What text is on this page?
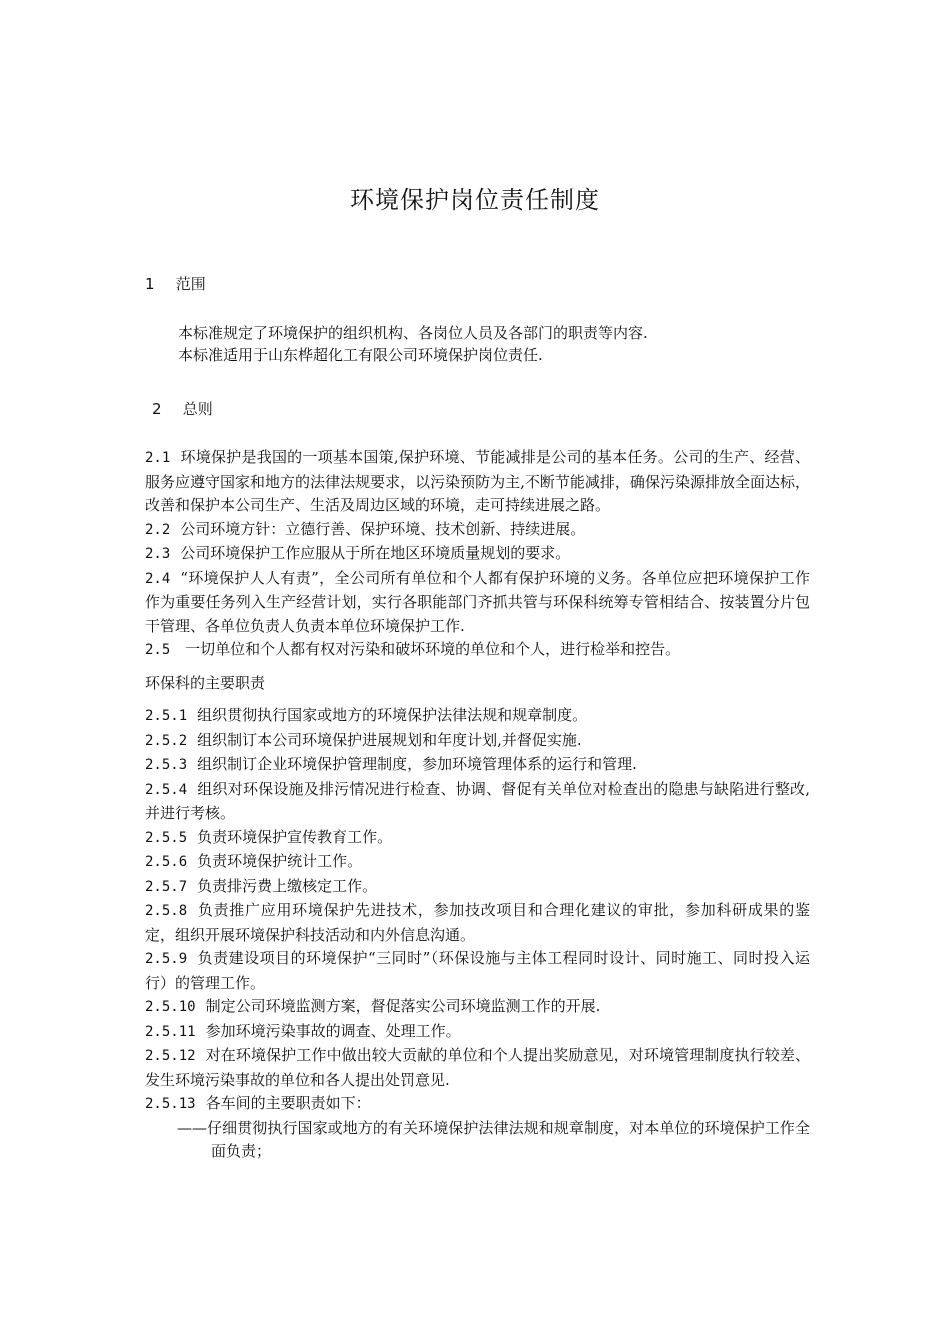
环境保护岗位责任制度
1 范围
本标准规定了环境保护的组织机构、各岗位人员及各部门的职责等内容.
本标准适用于山东桦超化工有限公司环境保护岗位责任.
2 总则

2.1 环境保护是我国的一项基本国策,保护环境、节能减排是公司的基本任务。公司的生产、经营、服务应遵守国家和地方的法律法规要求，以污染预防为主,不断节能减排，确保污染源排放全面达标，改善和保护本公司生产、生活及周边区域的环境，走可持续进展之路。

2.2 公司环境方针：立德行善、保护环境、技术创新、持续进展。

2.3 公司环境保护工作应服从于所在地区环境质量规划的要求。

2.4 “环境保护人人有责”，全公司所有单位和个人都有保护环境的义务。各单位应把环境保护工作作为重要任务列入生产经营计划，实行各职能部门齐抓共管与环保科统筹专管相结合、按装置分片包干管理、各单位负责人负责本单位环境保护工作.

2.5 一切单位和个人都有权对污染和破坏环境的单位和个人，进行检举和控告。

环保科的主要职责

2.5.1 组织贯彻执行国家或地方的环境保护法律法规和规章制度。

2.5.2 组织制订本公司环境保护进展规划和年度计划,并督促实施.

2.5.3 组织制订企业环境保护管理制度，参加环境管理体系的运行和管理.

2.5.4 组织对环保设施及排污情况进行检查、协调、督促有关单位对检查出的隐患与缺陷进行整改,并进行考核。

2.5.5 负责环境保护宣传教育工作。

2.5.6 负责环境保护统计工作。

2.5.7 负责排污费上缴核定工作。

2.5.8 负责推广应用环境保护先进技术，参加技改项目和合理化建议的审批，参加科研成果的鉴定，组织开展环境保护科技活动和内外信息沟通。

2.5.9 负责建设项目的环境保护“三同时”（环保设施与主体工程同时设计、同时施工、同时投入运行）的管理工作。

2.5.10 制定公司环境监测方案，督促落实公司环境监测工作的开展.

2.5.11 参加环境污染事故的调查、处理工作。

2.5.12 对在环境保护工作中做出较大贡献的单位和个人提出奖励意见，对环境管理制度执行较差、发生环境污染事故的单位和各人提出处罚意见.

2.5.13 各车间的主要职责如下：

——仔细贯彻执行国家或地方的有关环境保护法律法规和规章制度，对本单位的环境保护工作全面负责；
